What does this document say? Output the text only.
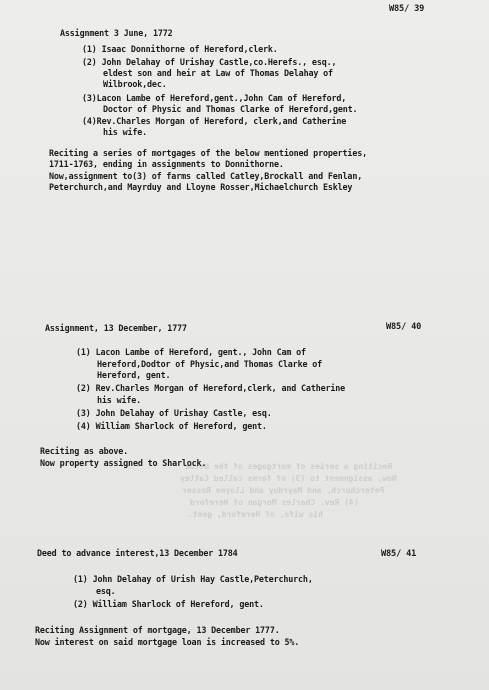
Reciting a series of mortgages of the below
Now, assignment to (3) of farms called Catley
Peterchurch, and Mayrduy and Lloyne Rosser
(4) Rev. Charles Morgan of Hereford
his wife, of Hereford, gent.
W85/ 39
Assignment 3 June, 1772
(1) Isaac Donnithorne of Hereford,clerk.
(2) John Delahay of Urishay Castle,co.Herefs., esq.,
eldest son and heir at Law of Thomas Delahay of
Wilbrook,dec.
(3)Lacon Lambe of Hereford,gent.,John Cam of Hereford,
Doctor of Physic and Thomas Clarke of Hereford,gent.
(4)Rev.Charles Morgan of Hereford, clerk,and Catherine
his wife.
Reciting a series of mortgages of the below mentioned properties,
1711-1763, ending in assignments to Donnithorne.
Now,assignment to(3) of farms called Catley,Brockall and Fenlan,
Peterchurch,and Mayrduy and Lloyne Rosser,Michaelchurch Eskley
Assignment, 13 December, 1777	W85/ 40
(1) Lacon Lambe of Hereford, gent., John Cam of
Hereford,Dodtor of Physic,and Thomas Clarke of
Hereford, gent.
(2) Rev.Charles Morgan of Hereford,clerk, and Catherine
his wife.
(3) John Delahay of Urishay Castle, esq.
(4) William Sharlock of Hereford, gent.
Reciting as above.
Now property assigned to Sharlock.
Deed to advance interest,13 December 1784	W85/ 41
(1) John Delahay of Urish Hay Castle,Peterchurch,
esq.
(2) William Sharlock of Hereford, gent.
Reciting Assignment of mortgage, 13 December 1777.
Now interest on said mortgage loan is increased to 5%.
